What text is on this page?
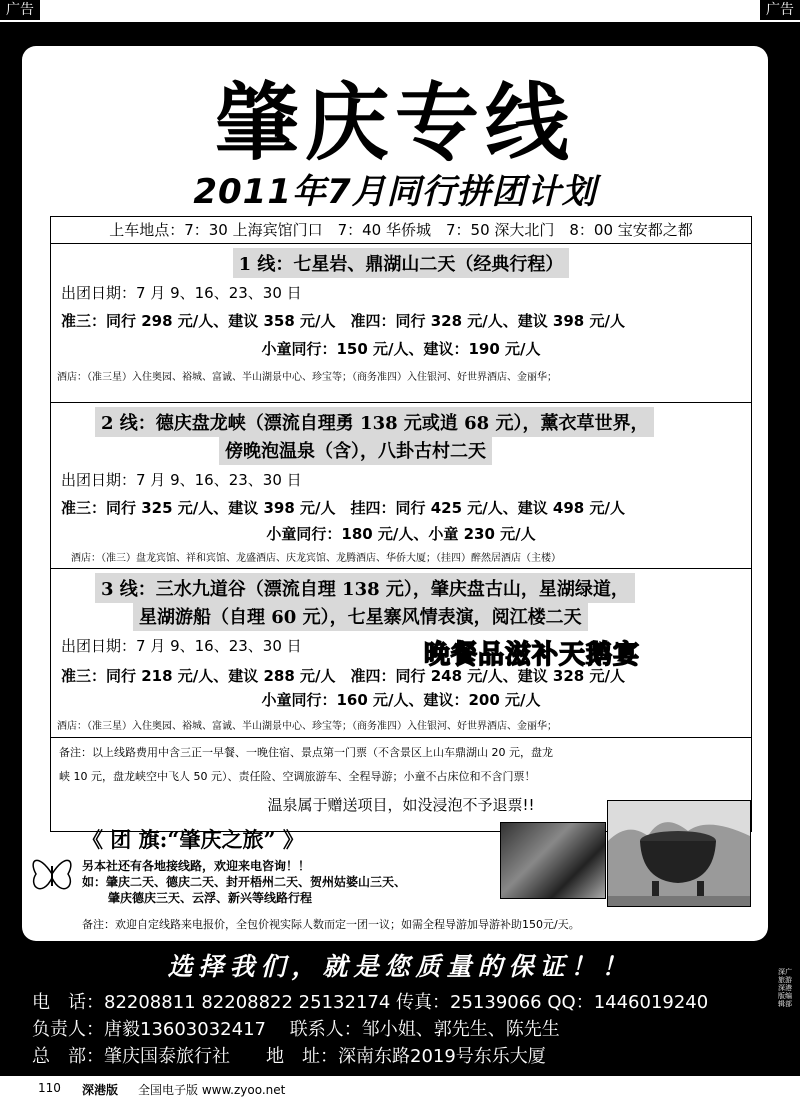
广告	广告
肇庆专线
2011年7月同行拼团计划
上车地点：7：30 上海宾馆门口　7：40 华侨城　7：50 深大北门　8：00 宝安都之都
1 线：七星岩、鼎湖山二天（经典行程）
出团日期：7 月 9、16、23、30 日
准三：同行 298 元/人、建议 358 元/人　准四：同行 328 元/人、建议 398 元/人
小童同行：150 元/人、建议：190 元/人
酒店：（准三星）入住奥园、裕城、富诚、半山湖景中心、珍宝等；（商务准四）入住银河、好世界酒店、金丽华；
2 线：德庆盘龙峡（漂流自理勇 138 元或逍 68 元），薰衣草世界，
傍晚泡温泉（含），八卦古村二天
出团日期：7 月 9、16、23、30 日
准三：同行 325 元/人、建议 398 元/人　挂四：同行 425 元/人、建议 498 元/人
小童同行：180 元/人、小童 230 元/人
酒店：（准三）盘龙宾馆、祥和宾馆、龙盛酒店、庆龙宾馆、龙腾酒店、华侨大厦；（挂四）醉然居酒店（主楼）
3 线：三水九道谷（漂流自理 138 元），肇庆盘古山，星湖绿道，
星湖游船（自理 60 元），七星寨风情表演，阅江楼二天
出团日期：7 月 9、16、23、30 日
准三：同行 218 元/人、建议 288 元/人　准四：同行 248 元/人、建议 328 元/人
小童同行：160 元/人、建议：200 元/人
酒店：（准三星）入住奥园、裕城、富诚、半山湖景中心、珍宝等；（商务准四）入住银河、好世界酒店、金丽华；
晚餐品滋补天鹅宴
备注：以上线路费用中含三正一早餐、一晚住宿、景点第一门票（不含景区上山车鼎湖山 20 元，盘龙
峡 10 元，盘龙峡空中飞人 50 元）、责任险、空调旅游车、全程导游；小童不占床位和不含门票！
温泉属于赠送项目，如没浸泡不予退票!!
《 团 旗:“肇庆之旅” 》
另本社还有各地接线路，欢迎来电咨询！！
如：肇庆二天、德庆二天、封开梧州二天、贺州姑婆山三天、
肇庆德庆三天、云浮、新兴等线路行程
备注：欢迎自定线路来电报价，全包价视实际人数而定一团一议；如需全程导游加导游补助150元/天。
选择我们，就是您质量的保证！！
电　话：82208811 82208822 25132174 传真：25139066 QQ：1446019240
负责人：唐毅13603032417　 联系人：邹小姐、郭先生、陈先生
总　部：肇庆国泰旅行社　　地　址：深南东路2019号东乐大厦
深广旅游 深港版编辑部
110 深港版 全国电子版 www.zyoo.net
